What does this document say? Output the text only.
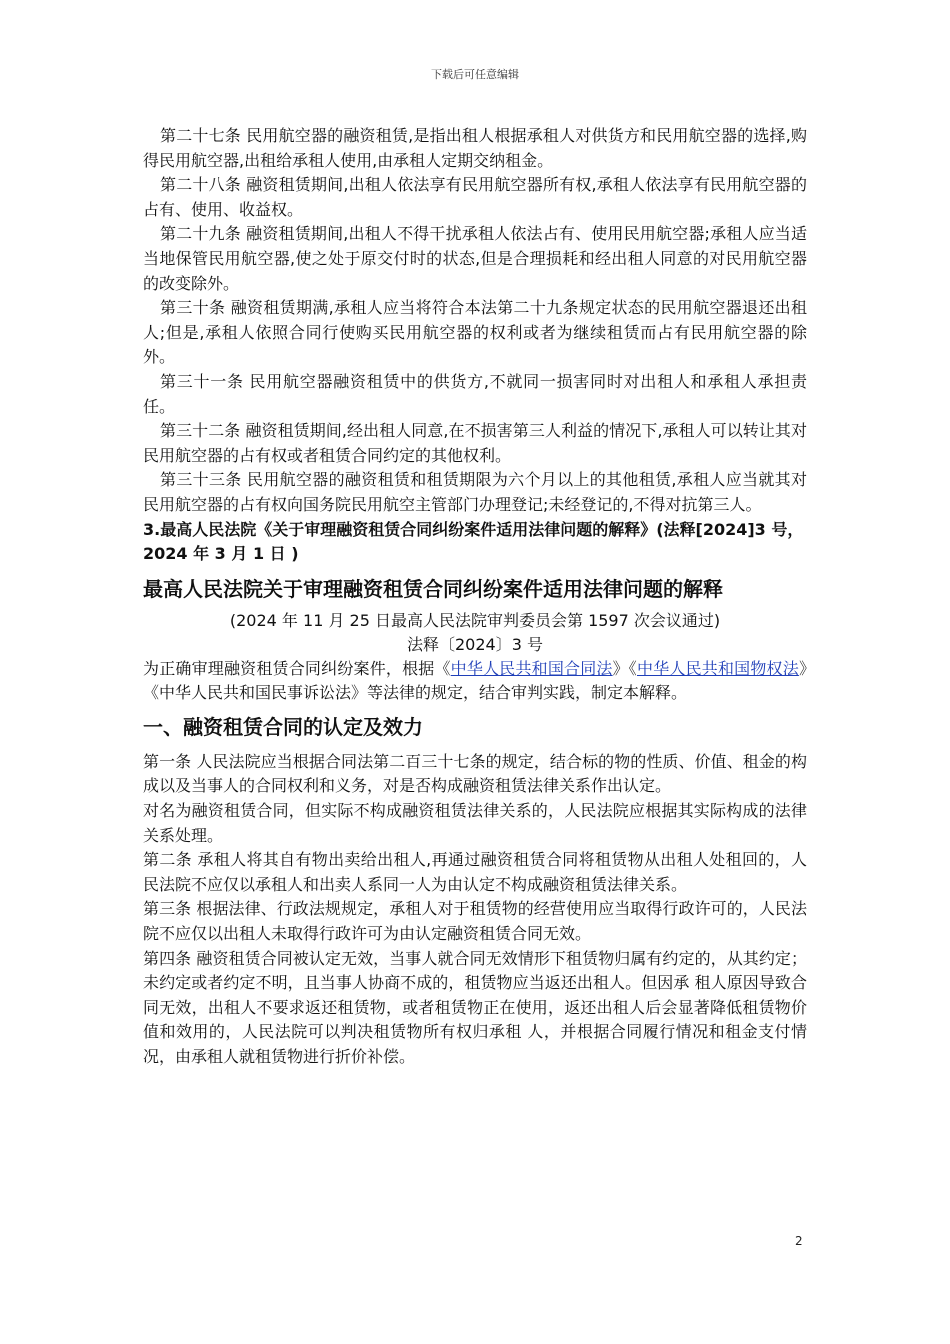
下载后可任意编辑

第二十七条 民用航空器的融资租赁,是指出租人根据承租人对供货方和民用航空器的选择,购得民用航空器,出租给承租人使用,由承租人定期交纳租金。

第二十八条 融资租赁期间,出租人依法享有民用航空器所有权,承租人依法享有民用航空器的占有、使用、收益权。

第二十九条 融资租赁期间,出租人不得干扰承租人依法占有、使用民用航空器;承租人应当适当地保管民用航空器,使之处于原交付时的状态,但是合理损耗和经出租人同意的对民用航空器的改变除外。

第三十条 融资租赁期满,承租人应当将符合本法第二十九条规定状态的民用航空器退还出租人;但是,承租人依照合同行使购买民用航空器的权利或者为继续租赁而占有民用航空器的除外。

第三十一条 民用航空器融资租赁中的供货方,不就同一损害同时对出租人和承租人承担责任。

第三十二条 融资租赁期间,经出租人同意,在不损害第三人利益的情况下,承租人可以转让其对民用航空器的占有权或者租赁合同约定的其他权利。

第三十三条 民用航空器的融资租赁和租赁期限为六个月以上的其他租赁,承租人应当就其对民用航空器的占有权向国务院民用航空主管部门办理登记;未经登记的,不得对抗第三人。

3.最高人民法院《关于审理融资租赁合同纠纷案件适用法律问题的解释》(法释[2024]3 号，2024 年 3 月 1 日 )

最高人民法院关于审理融资租赁合同纠纷案件适用法律问题的解释

(2024 年 11 月 25 日最高人民法院审判委员会第 1597 次会议通过)

法释〔2024〕3 号

为正确审理融资租赁合同纠纷案件，根据《中华人民共和国合同法》《中华人民共和国物权法》《中华人民共和国民事诉讼法》等法律的规定，结合审判实践，制定本解释。

一、融资租赁合同的认定及效力

第一条 人民法院应当根据合同法第二百三十七条的规定，结合标的物的性质、价值、租金的构成以及当事人的合同权利和义务，对是否构成融资租赁法律关系作出认定。

对名为融资租赁合同，但实际不构成融资租赁法律关系的，人民法院应根据其实际构成的法律关系处理。

第二条 承租人将其自有物出卖给出租人,再通过融资租赁合同将租赁物从出租人处租回的，人民法院不应仅以承租人和出卖人系同一人为由认定不构成融资租赁法律关系。

第三条 根据法律、行政法规规定，承租人对于租赁物的经营使用应当取得行政许可的，人民法院不应仅以出租人未取得行政许可为由认定融资租赁合同无效。

第四条 融资租赁合同被认定无效，当事人就合同无效情形下租赁物归属有约定的，从其约定；未约定或者约定不明，且当事人协商不成的，租赁物应当返还出租人。但因承 租人原因导致合同无效，出租人不要求返还租赁物，或者租赁物正在使用，返还出租人后会显著降低租赁物价值和效用的，人民法院可以判决租赁物所有权归承租 人，并根据合同履行情况和租金支付情况，由承租人就租赁物进行折价补偿。

2
